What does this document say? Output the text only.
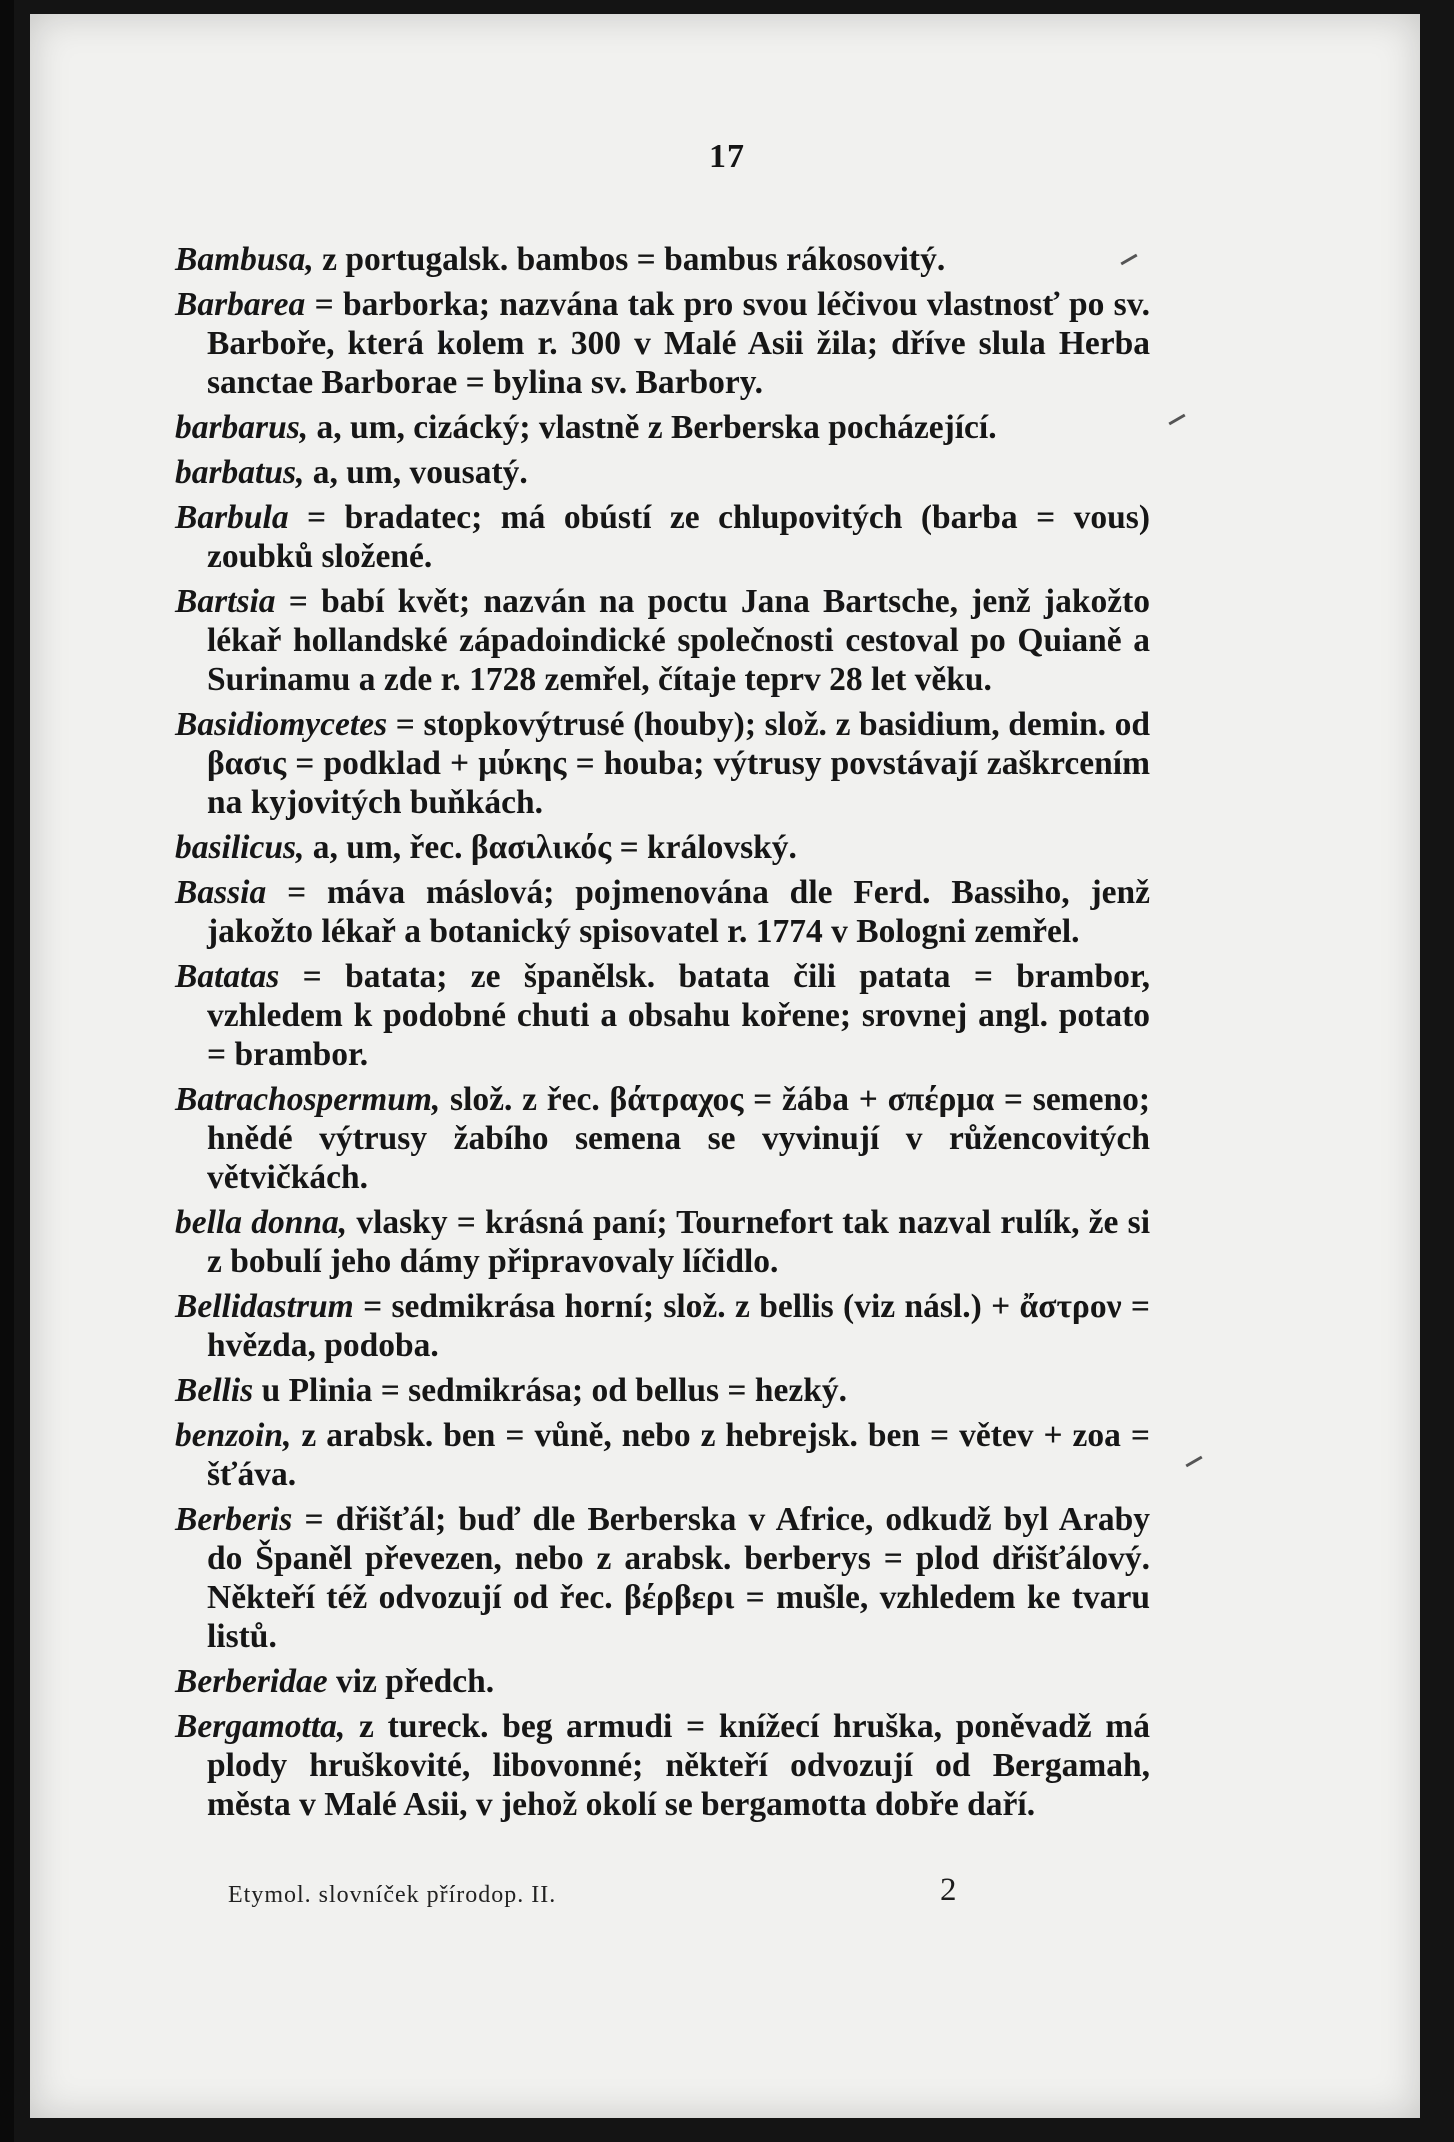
17
Bambusa, z portugalsk. bambos = bambus rákosovitý.
Barbarea = barborka; nazvána tak pro svou léčivou vlastnosť po sv. Barboře, která kolem r. 300 v Malé Asii žila; dříve slula Herba sanctae Barborae = bylina sv. Barbory.
barbarus, a, um, cizácký; vlastně z Berberska pocházející.
barbatus, a, um, vousatý.
Barbula = bradatec; má obústí ze chlupovitých (barba = vous) zoubků složené.
Bartsia = babí květ; nazván na poctu Jana Bartsche, jenž jakožto lékař hollandské západoindické společnosti cestoval po Quianě a Surinamu a zde r. 1728 zemřel, čítaje teprv 28 let věku.
Basidiomycetes = stopkovýtrusé (houby); slož. z basidium, demin. od βασις = podklad + μύκης = houba; výtrusy povstávají zaškrcením na kyjovitých buňkách.
basilicus, a, um, řec. βασιλικός = královský.
Bassia = máva máslová; pojmenována dle Ferd. Bassiho, jenž jakožto lékař a botanický spisovatel r. 1774 v Bologni zemřel.
Batatas = batata; ze španělsk. batata čili patata = brambor, vzhledem k podobné chuti a obsahu kořene; srovnej angl. potato = brambor.
Batrachospermum, slož. z řec. βάτραχος = žába + σπέρμα = semeno; hnědé výtrusy žabího semena se vyvinují v růžencovitých větvičkách.
bella donna, vlasky = krásná paní; Tournefort tak nazval rulík, že si z bobulí jeho dámy připravovaly líčidlo.
Bellidastrum = sedmikrása horní; slož. z bellis (viz násl.) + ἄστρον = hvězda, podoba.
Bellis u Plinia = sedmikrása; od bellus = hezký.
benzoin, z arabsk. ben = vůně, nebo z hebrejsk. ben = větev + zoa = šťáva.
Berberis = dřišťál; buď dle Berberska v Africe, odkudž byl Araby do Španěl převezen, nebo z arabsk. berberys = plod dřišťálový. Někteří též odvozují od řec. βέρβερι = mušle, vzhledem ke tvaru listů.
Berberidae viz předch.
Bergamotta, z tureck. beg armudi = knížecí hruška, poněvadž má plody hruškovité, libovonné; někteří odvozují od Bergamah, města v Malé Asii, v jehož okolí se bergamotta dobře daří.
Etymol. slovníček přírodop. II.	2
